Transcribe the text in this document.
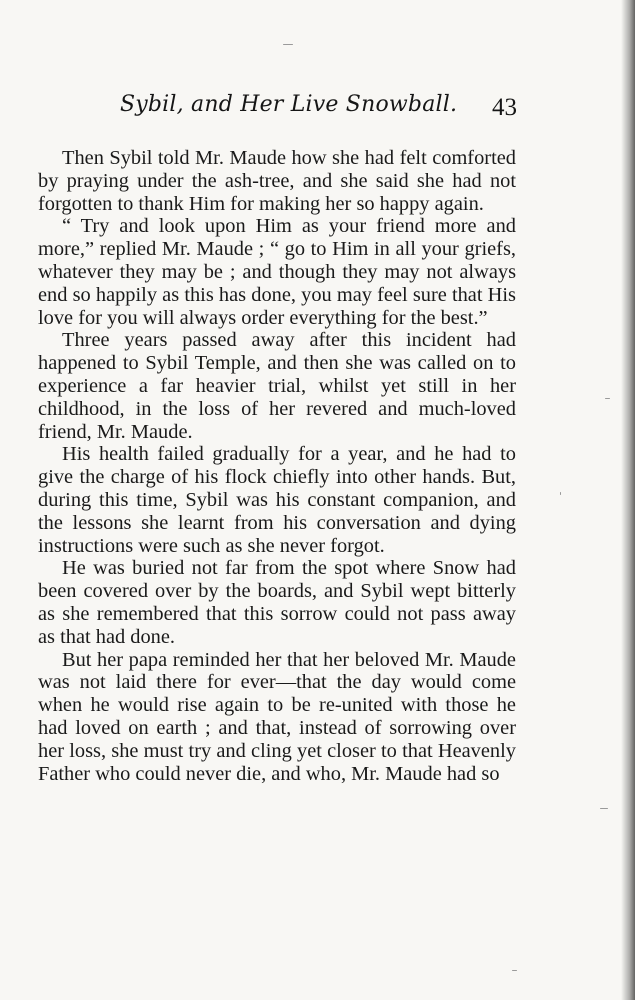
Sybil, and Her Live Snowball. 43

Then Sybil told Mr. Maude how she had felt comforted by praying under the ash-tree, and she said she had not forgotten to thank Him for making her so happy again.

“ Try and look upon Him as your friend more and more,” replied Mr. Maude ; “ go to Him in all your griefs, whatever they may be ; and though they may not always end so happily as this has done, you may feel sure that His love for you will always order everything for the best.”

Three years passed away after this incident had happened to Sybil Temple, and then she was called on to experience a far heavier trial, whilst yet still in her childhood, in the loss of her revered and much-loved friend, Mr. Maude.

His health failed gradually for a year, and he had to give the charge of his flock chiefly into other hands. But, during this time, Sybil was his constant companion, and the lessons she learnt from his conversation and dying instructions were such as she never forgot.

He was buried not far from the spot where Snow had been covered over by the boards, and Sybil wept bitterly as she remembered that this sorrow could not pass away as that had done.

But her papa reminded her that her beloved Mr. Maude was not laid there for ever—that the day would come when he would rise again to be re-united with those he had loved on earth ; and that, instead of sorrowing over her loss, she must try and cling yet closer to that Heavenly Father who could never die, and who, Mr. Maude had so
